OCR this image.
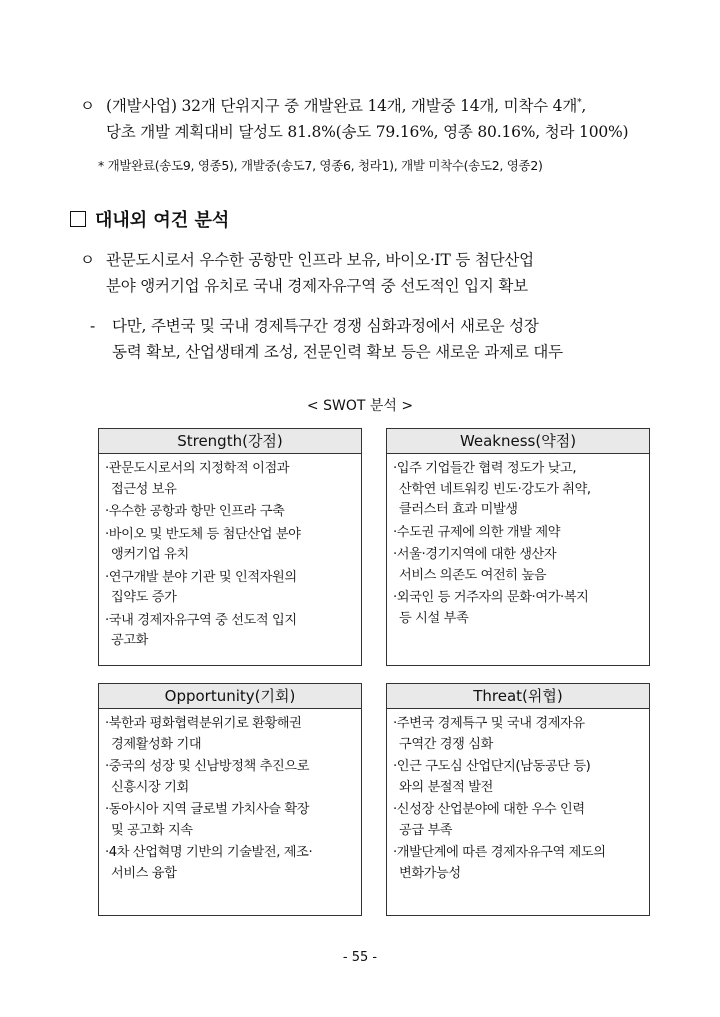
ㅇ (개발사업) 32개 단위지구 중 개발완료 14개, 개발중 14개, 미착수 4개*,
당초 개발 계획대비 달성도 81.8%(송도 79.16%, 영종 80.16%, 청라 100%)
* 개발완료(송도9, 영종5), 개발중(송도7, 영종6, 청라1), 개발 미착수(송도2, 영종2)
대내외 여건 분석
ㅇ 관문도시로서 우수한 공항만 인프라 보유, 바이오·IT 등 첨단산업
분야 앵커기업 유치로 국내 경제자유구역 중 선도적인 입지 확보
- 다만, 주변국 및 국내 경제특구간 경쟁 심화과정에서 새로운 성장
동력 확보, 산업생태계 조성, 전문인력 확보 등은 새로운 과제로 대두
< SWOT 분석 >
Strength(강점)
·관문도시로서의 지정학적 이점과
접근성 보유
·우수한 공항과 항만 인프라 구축
·바이오 및 반도체 등 첨단산업 분야
앵커기업 유치
·연구개발 분야 기관 및 인적자원의
집약도 증가
·국내 경제자유구역 중 선도적 입지
공고화
Weakness(약점)
·입주 기업들간 협력 정도가 낮고,
산학연 네트워킹 빈도·강도가 취약,
클러스터 효과 미발생
·수도권 규제에 의한 개발 제약
·서울·경기지역에 대한 생산자
서비스 의존도 여전히 높음
·외국인 등 거주자의 문화·여가·복지
등 시설 부족
Opportunity(기회)
·북한과 평화협력분위기로 환황해권
경제활성화 기대
·중국의 성장 및 신남방정책 추진으로
신흥시장 기회
·동아시아 지역 글로벌 가치사슬 확장
및 공고화 지속
·4차 산업혁명 기반의 기술발전, 제조·
서비스 융합
Threat(위협)
·주변국 경제특구 및 국내 경제자유
구역간 경쟁 심화
·인근 구도심 산업단지(남동공단 등)
와의 분절적 발전
·신성장 산업분야에 대한 우수 인력
공급 부족
·개발단계에 따른 경제자유구역 제도의
변화가능성
- 55 -
